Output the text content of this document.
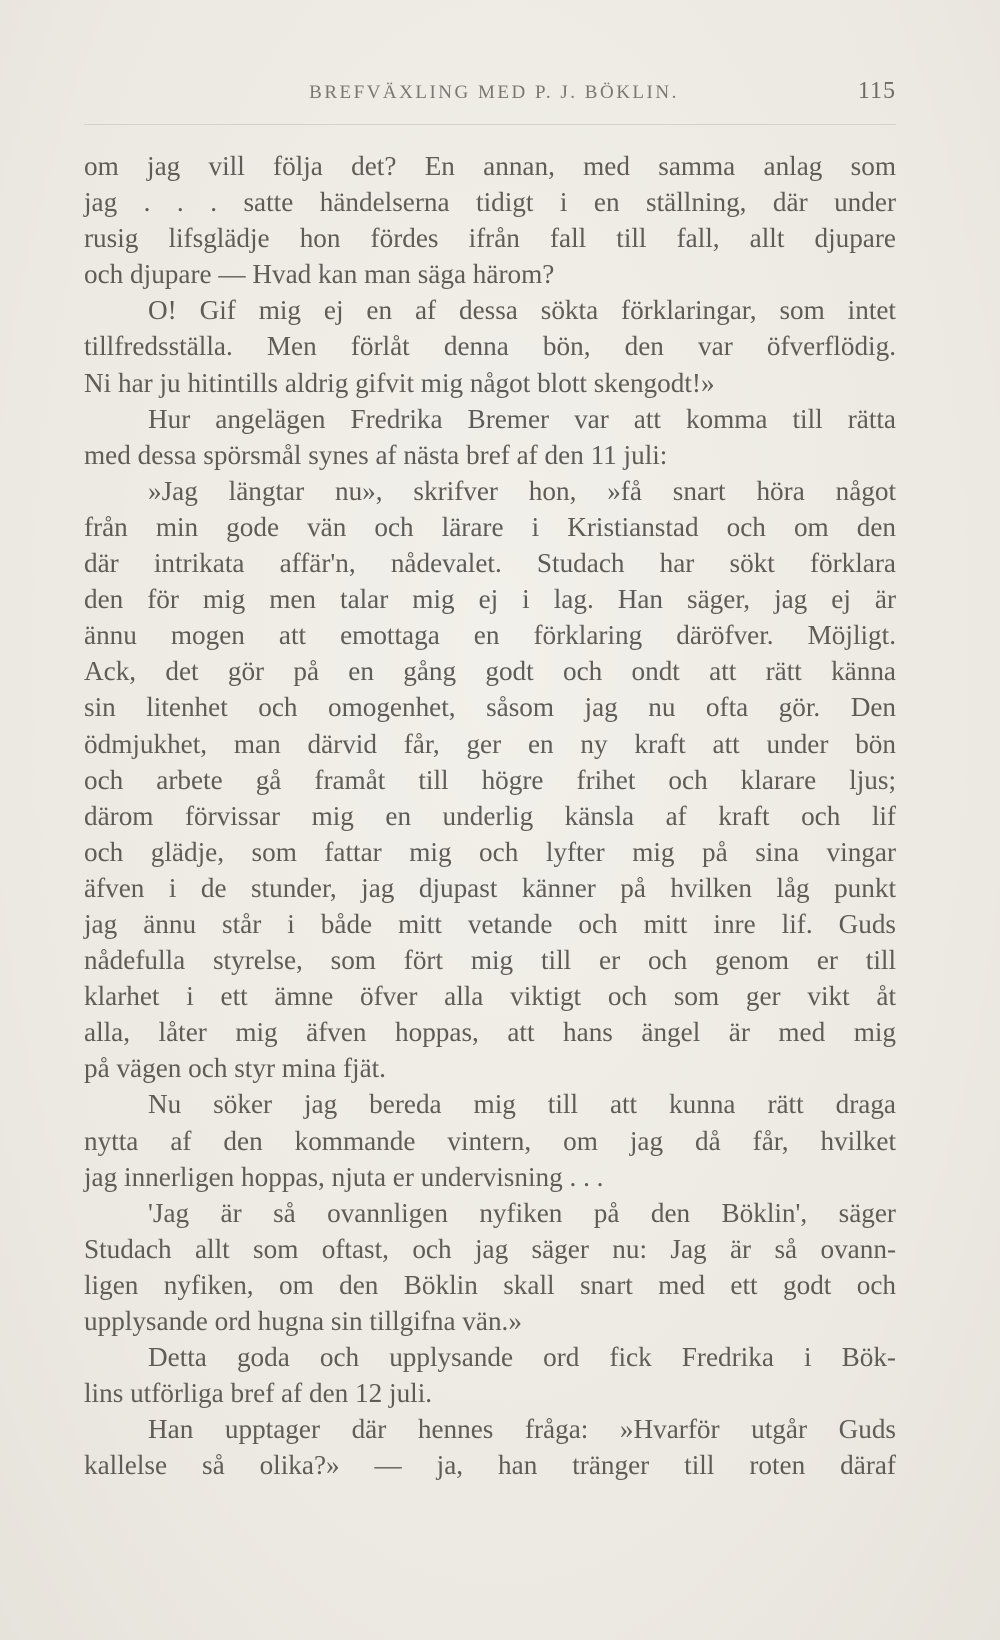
BREFVÄXLING MED P. J. BÖKLIN.	115
om jag vill följa det? En annan, med samma anlag som
jag . . . satte händelserna tidigt i en ställning, där under
rusig lifsglädje hon fördes ifrån fall till fall, allt djupare
och djupare — Hvad kan man säga härom?
O! Gif mig ej en af dessa sökta förklaringar, som intet
tillfredsställa. Men förlåt denna bön, den var öfverflödig.
Ni har ju hitintills aldrig gifvit mig något blott skengodt!»
Hur angelägen Fredrika Bremer var att komma till rätta
med dessa spörsmål synes af nästa bref af den 11 juli:
»Jag längtar nu», skrifver hon, »få snart höra något
från min gode vän och lärare i Kristianstad och om den
där intrikata affär'n, nådevalet. Studach har sökt förklara
den för mig men talar mig ej i lag. Han säger, jag ej är
ännu mogen att emottaga en förklaring däröfver. Möjligt.
Ack, det gör på en gång godt och ondt att rätt känna
sin litenhet och omogenhet, såsom jag nu ofta gör. Den
ödmjukhet, man därvid får, ger en ny kraft att under bön
och arbete gå framåt till högre frihet och klarare ljus;
därom förvissar mig en underlig känsla af kraft och lif
och glädje, som fattar mig och lyfter mig på sina vingar
äfven i de stunder, jag djupast känner på hvilken låg punkt
jag ännu står i både mitt vetande och mitt inre lif. Guds
nådefulla styrelse, som fört mig till er och genom er till
klarhet i ett ämne öfver alla viktigt och som ger vikt åt
alla, låter mig äfven hoppas, att hans ängel är med mig
på vägen och styr mina fjät.
Nu söker jag bereda mig till att kunna rätt draga
nytta af den kommande vintern, om jag då får, hvilket
jag innerligen hoppas, njuta er undervisning . . .
'Jag är så ovannligen nyfiken på den Böklin', säger
Studach allt som oftast, och jag säger nu: Jag är så ovann-
ligen nyfiken, om den Böklin skall snart med ett godt och
upplysande ord hugna sin tillgifna vän.»
Detta goda och upplysande ord fick Fredrika i Bök-
lins utförliga bref af den 12 juli.
Han upptager där hennes fråga: »Hvarför utgår Guds
kallelse så olika?» — ja, han tränger till roten däraf
